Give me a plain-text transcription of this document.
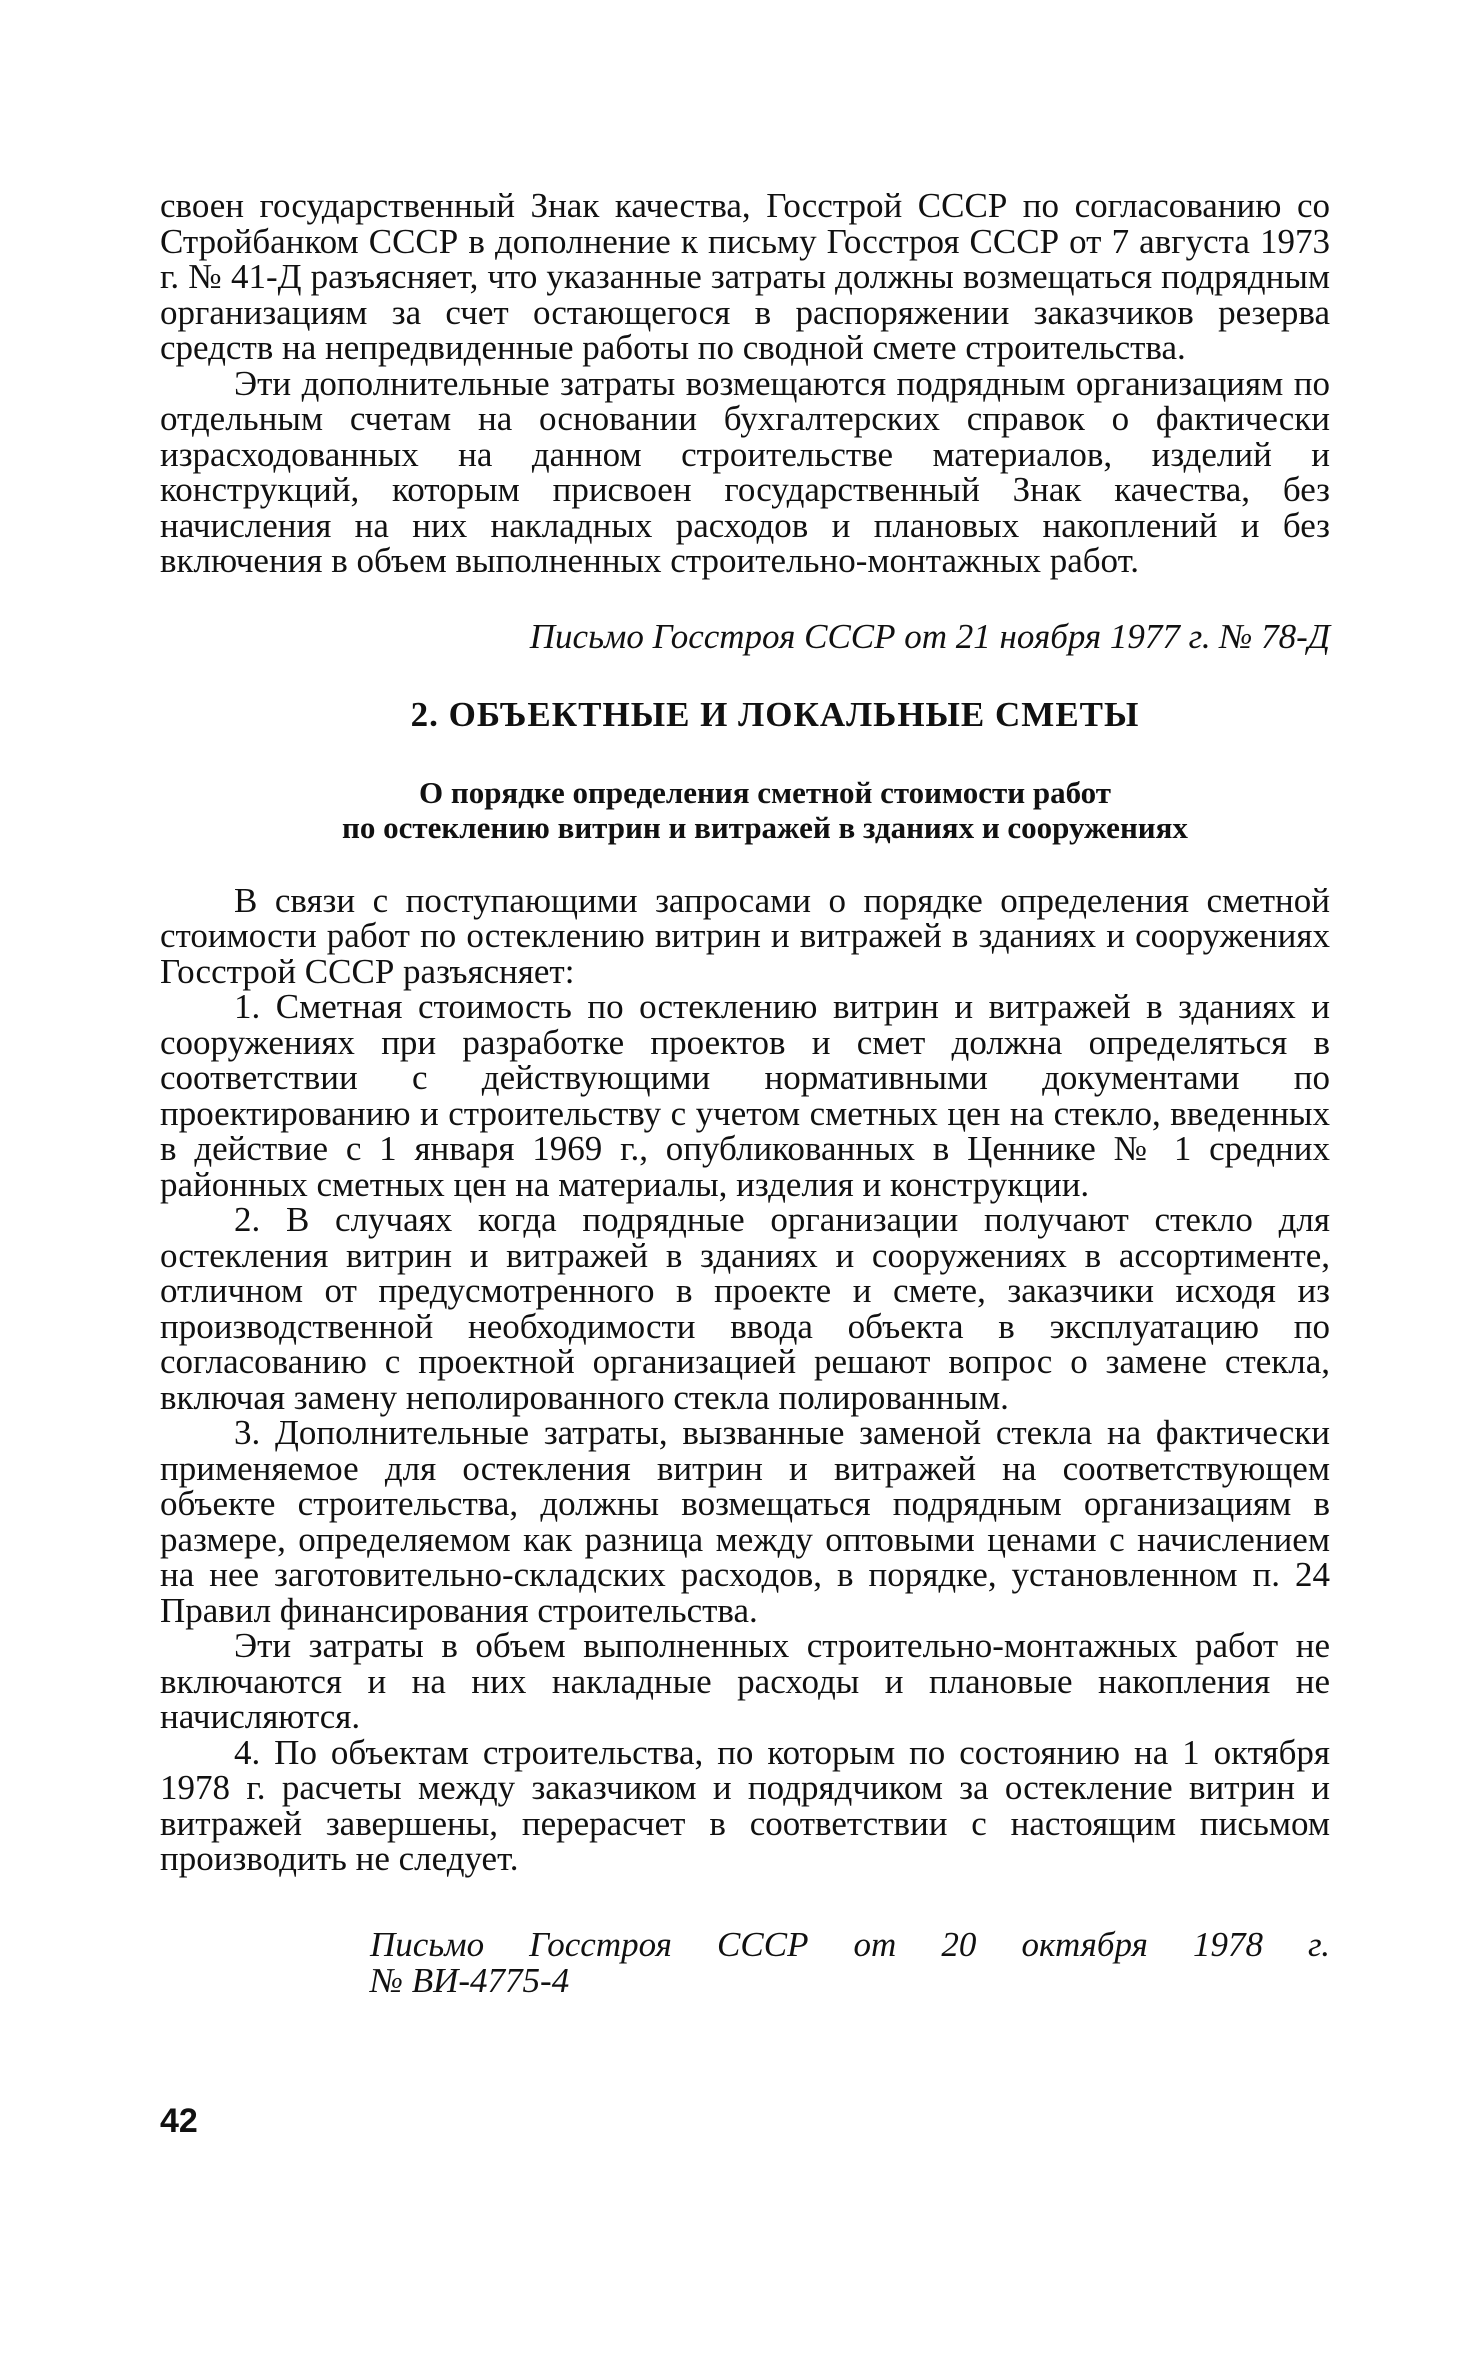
своен государственный Знак качества, Госстрой СССР по согласованию со Стройбанком СССР в дополнение к письму Госстроя СССР от 7 августа 1973 г. № 41-Д разъясняет, что указанные затраты должны возмещаться подрядным организациям за счет остающегося в распоряжении заказчиков резерва средств на непредвиденные работы по сводной смете строительства.

Эти дополнительные затраты возмещаются подрядным организациям по отдельным счетам на основании бухгалтерских справок о фактически израсходованных на данном строительстве материалов, изделий и конструкций, которым присвоен государственный Знак качества, без начисления на них накладных расходов и плановых накоплений и без включения в объем выполненных строительно-монтажных работ.

Письмо Госстроя СССР от 21 ноября 1977 г. № 78-Д
2. ОБЪЕКТНЫЕ И ЛОКАЛЬНЫЕ СМЕТЫ
О порядке определения сметной стоимости работ
по остеклению витрин и витражей в зданиях и сооружениях

В связи с поступающими запросами о порядке определения сметной стоимости работ по остеклению витрин и витражей в зданиях и сооружениях Госстрой СССР разъясняет:

1. Сметная стоимость по остеклению витрин и витражей в зданиях и сооружениях при разработке проектов и смет должна определяться в соответствии с действующими нормативными документами по проектированию и строительству с учетом сметных цен на стекло, введенных в действие с 1 января 1969 г., опубликованных в Ценнике № 1 средних районных сметных цен на материалы, изделия и конструкции.

2. В случаях когда подрядные организации получают стекло для остекления витрин и витражей в зданиях и сооружениях в ассортименте, отличном от предусмотренного в проекте и смете, заказчики исходя из производственной необходимости ввода объекта в эксплуатацию по согласованию с проектной организацией решают вопрос о замене стекла, включая замену неполированного стекла полированным.

3. Дополнительные затраты, вызванные заменой стекла на фактически применяемое для остекления витрин и витражей на соответствующем объекте строительства, должны возмещаться подрядным организациям в размере, определяемом как разница между оптовыми ценами с начислением на нее заготовительно-складских расходов, в порядке, установленном п. 24 Правил финансирования строительства.

Эти затраты в объем выполненных строительно-монтажных работ не включаются и на них накладные расходы и плановые накопления не начисляются.

4. По объектам строительства, по которым по состоянию на 1 октября 1978 г. расчеты между заказчиком и подрядчиком за остекление витрин и витражей завершены, перерасчет в соответствии с настоящим письмом производить не следует.

Письмо Госстроя СССР от 20 октября 1978 г.
№ ВИ-4775-4
42
